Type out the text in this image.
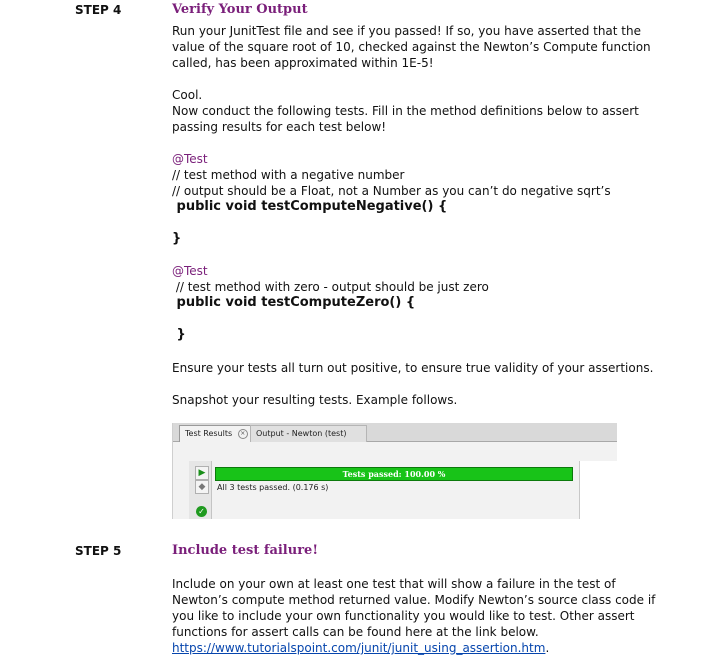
STEP 4	Verify Your Output
Run your JunitTest file and see if you passed! If so, you have asserted that the
value of the square root of 10, checked against the Newton’s Compute function
called, has been approximated within 1E-5!
Cool.
Now conduct the following tests. Fill in the method definitions below to assert
passing results for each test below!
@Test
// test method with a negative number
// output should be a Float, not a Number as you can’t do negative sqrt’s
public void testComputeNegative() {

}
@Test
// test method with zero - output should be just zero
public void testComputeZero() {

}
Ensure your tests all turn out positive, to ensure true validity of your assertions.
Snapshot your resulting tests. Example follows.
Test Results ×	Output - Newton (test)
▶
◆
Tests passed: 100.00 %
All 3 tests passed. (0.176 s)
✓
STEP 5	Include test failure!
Include on your own at least one test that will show a failure in the test of
Newton’s compute method returned value. Modify Newton’s source class code if
you like to include your own functionality you would like to test. Other assert
functions for assert calls can be found here at the link below.
https://www.tutorialspoint.com/junit/junit_using_assertion.htm.
